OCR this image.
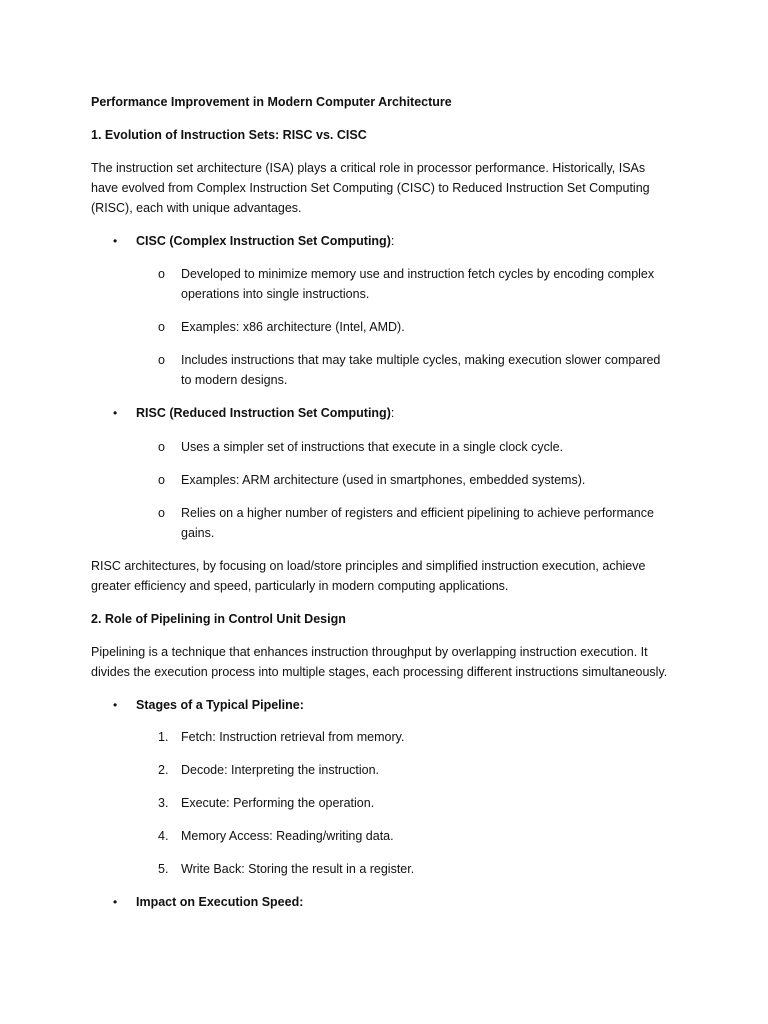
Performance Improvement in Modern Computer Architecture
1. Evolution of Instruction Sets: RISC vs. CISC
The instruction set architecture (ISA) plays a critical role in processor performance. Historically, ISAs
have evolved from Complex Instruction Set Computing (CISC) to Reduced Instruction Set Computing
(RISC), each with unique advantages.
• CISC (Complex Instruction Set Computing):
o Developed to minimize memory use and instruction fetch cycles by encoding complex
operations into single instructions.
o Examples: x86 architecture (Intel, AMD).
o Includes instructions that may take multiple cycles, making execution slower compared
to modern designs.
• RISC (Reduced Instruction Set Computing):
o Uses a simpler set of instructions that execute in a single clock cycle.
o Examples: ARM architecture (used in smartphones, embedded systems).
o Relies on a higher number of registers and efficient pipelining to achieve performance
gains.
RISC architectures, by focusing on load/store principles and simplified instruction execution, achieve
greater efficiency and speed, particularly in modern computing applications.
2. Role of Pipelining in Control Unit Design
Pipelining is a technique that enhances instruction throughput by overlapping instruction execution. It
divides the execution process into multiple stages, each processing different instructions simultaneously.
• Stages of a Typical Pipeline:
1. Fetch: Instruction retrieval from memory.
2. Decode: Interpreting the instruction.
3. Execute: Performing the operation.
4. Memory Access: Reading/writing data.
5. Write Back: Storing the result in a register.
• Impact on Execution Speed:
